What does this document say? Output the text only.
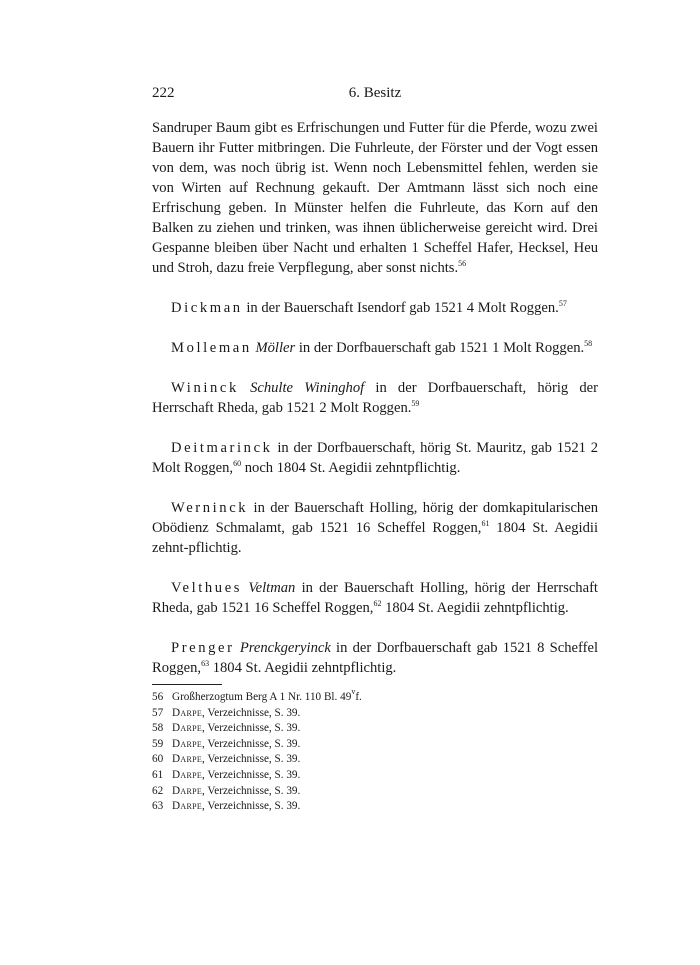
222	6. Besitz

Sandruper Baum gibt es Erfrischungen und Futter für die Pferde, wozu zwei Bauern ihr Futter mitbringen. Die Fuhrleute, der Förster und der Vogt essen von dem, was noch übrig ist. Wenn noch Lebensmittel fehlen, werden sie von Wirten auf Rechnung gekauft. Der Amtmann lässt sich noch eine Erfrischung geben. In Münster helfen die Fuhrleute, das Korn auf den Balken zu ziehen und trinken, was ihnen üblicherweise gereicht wird. Drei Gespanne bleiben über Nacht und erhalten 1 Scheffel Hafer, Hecksel, Heu und Stroh, dazu freie Verpflegung, aber sonst nichts.$^{56}$

Dickman in der Bauerschaft Isendorf gab 1521 4 Molt Roggen.$^{57}$

Molleman Möller in der Dorfbauerschaft gab 1521 1 Molt Roggen.$^{58}$

Wininck Schulte Wininghof in der Dorfbauerschaft, hörig der Herrschaft Rheda, gab 1521 2 Molt Roggen.$^{59}$

Deitmarinck in der Dorfbauerschaft, hörig St. Mauritz, gab 1521 2 Molt Roggen,$^{60}$ noch 1804 St. Aegidii zehntpflichtig.

Werninck in der Bauerschaft Holling, hörig der domkapitularischen Obödienz Schmalamt, gab 1521 16 Scheffel Roggen,$^{61}$ 1804 St. Aegidii zehnt-pflichtig.

Velthues Veltman in der Bauerschaft Holling, hörig der Herrschaft Rheda, gab 1521 16 Scheffel Roggen,$^{62}$ 1804 St. Aegidii zehntpflichtig.

Prenger Prenckgeryinck in der Dorfbauerschaft gab 1521 8 Scheffel Roggen,$^{63}$ 1804 St. Aegidii zehntpflichtig.

56 Großherzogtum Berg A 1 Nr. 110 Bl. 49$^v$f.
57 Darpe, Verzeichnisse, S. 39.
58 Darpe, Verzeichnisse, S. 39.
59 Darpe, Verzeichnisse, S. 39.
60 Darpe, Verzeichnisse, S. 39.
61 Darpe, Verzeichnisse, S. 39.
62 Darpe, Verzeichnisse, S. 39.
63 Darpe, Verzeichnisse, S. 39.
